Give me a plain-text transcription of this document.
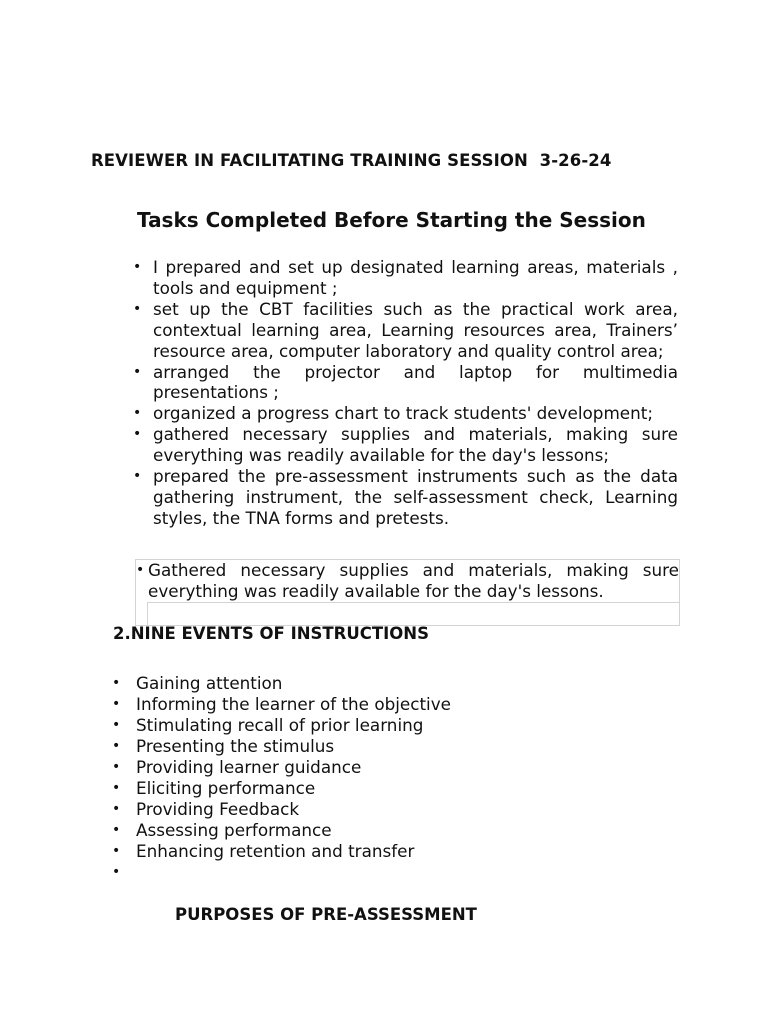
REVIEWER IN FACILITATING TRAINING SESSION  3-26-24
Tasks Completed Before Starting the Session
• I prepared and set up designated learning areas, materials , tools and equipment ;
• set up the CBT facilities such as the practical work area, contextual learning area, Learning resources area, Trainers’ resource area, computer laboratory and quality control area;
• arranged the projector and laptop for multimedia presentations ;
• organized a progress chart to track students' development;
• gathered necessary supplies and materials, making sure everything was readily available for the day's lessons;
• prepared the pre-assessment instruments such as the data gathering instrument, the self-assessment check, Learning styles, the TNA forms and pretests.
• Gathered necessary supplies and materials, making sure everything was readily available for the day's lessons.
2.NINE EVENTS OF INSTRUCTIONS
• Gaining attention
• Informing the learner of the objective
• Stimulating recall of prior learning
• Presenting the stimulus
• Providing learner guidance
• Eliciting performance
• Providing Feedback
• Assessing performance
• Enhancing retention and transfer
•
PURPOSES OF PRE-ASSESSMENT
